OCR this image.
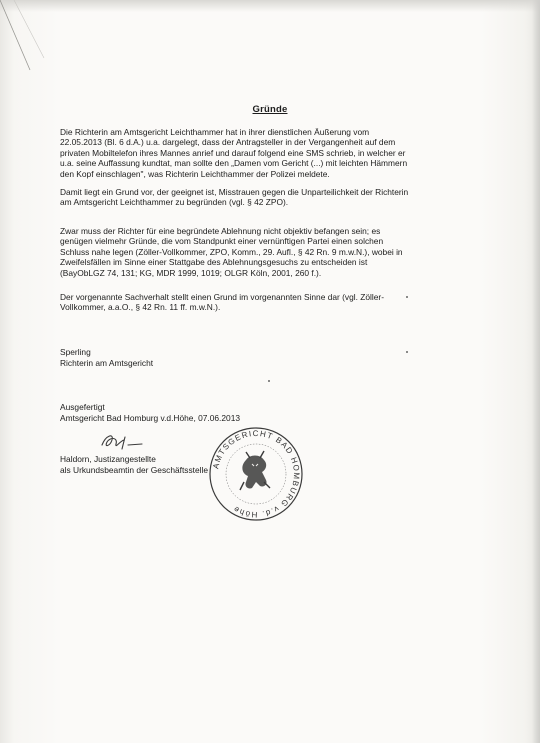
Gründe

Die Richterin am Amtsgericht Leichthammer hat in ihrer dienstlichen Äußerung vom
22.05.2013 (Bl. 6 d.A.) u.a. dargelegt, dass der Antragsteller in der Vergangenheit auf dem
privaten Mobiltelefon ihres Mannes anrief und darauf folgend eine SMS schrieb, in welcher er
u.a. seine Auffassung kundtat, man sollte den „Damen vom Gericht (...) mit leichten Hämmern
den Kopf einschlagen", was Richterin Leichthammer der Polizei meldete.

Damit liegt ein Grund vor, der geeignet ist, Misstrauen gegen die Unparteilichkeit der Richterin
am Amtsgericht Leichthammer zu begründen (vgl. § 42 ZPO).

Zwar muss der Richter für eine begründete Ablehnung nicht objektiv befangen sein; es
genügen vielmehr Gründe, die vom Standpunkt einer vernünftigen Partei einen solchen
Schluss nahe legen (Zöller-Vollkommer, ZPO, Komm., 29. Aufl., § 42 Rn. 9 m.w.N.), wobei in
Zweifelsfällen im Sinne einer Stattgabe des Ablehnungsgesuchs zu entscheiden ist
(BayObLGZ 74, 131; KG, MDR 1999, 1019; OLGR Köln, 2001, 260 f.).

Der vorgenannte Sachverhalt stellt einen Grund im vorgenannten Sinne dar (vgl. Zöller-
Vollkommer, a.a.O., § 42 Rn. 11 ff. m.w.N.).

Sperling
Richterin am Amtsgericht
Ausgefertigt
Amtsgericht Bad Homburg v.d.Höhe, 07.06.2013
Haldorn, Justizangestellte
als Urkundsbeamtin der Geschäftsstelle AMTSGERICHT BAD HOMBURG v.d. Höhe
